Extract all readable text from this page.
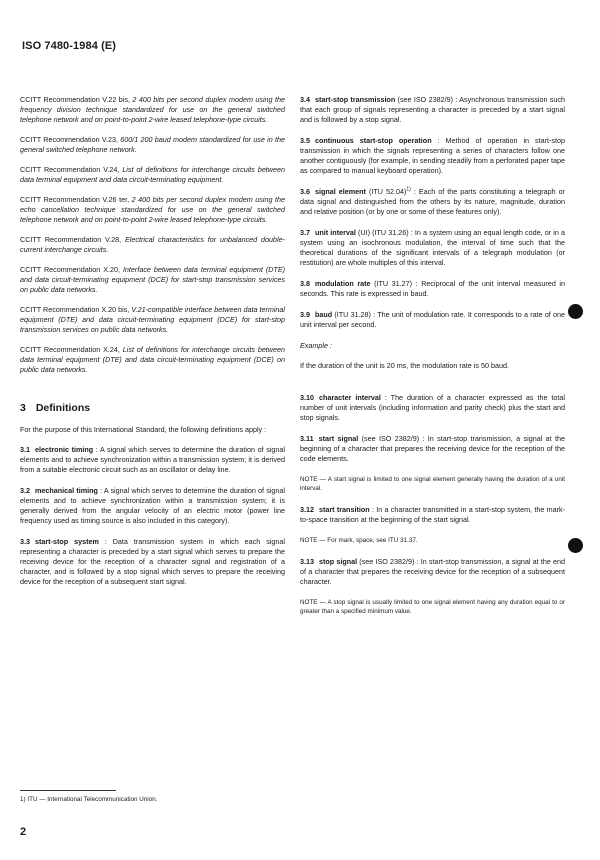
ISO 7480-1984 (E)

CCITT Recommendation V.22 bis, 2 400 bits per second duplex modem using the frequency division technique standardized for use on the general switched telephone network and on point-to-point 2-wire leased telephone-type circuits.

CCITT Recommendation V.23, 600/1 200 baud modem standardized for use in the general switched telephone network.

CCITT Recommendation V.24, List of definitions for interchange circuits between data terminal equipment and data circuit-terminating equipment.

CCITT Recommendation V.26 ter, 2 400 bits per second duplex modem using the echo cancellation technique standardized for use on the general switched telephone network and on point-to-point 2-wire leased telephone-type circuits.

CCITT Recommendation V.28, Electrical characteristics for unbalanced double-current interchange circuits.

CCITT Recommendation X.20, Interface between data terminal equipment (DTE) and data circuit-terminating equipment (DCE) for start-stop transmission services on public data networks.

CCITT Recommendation X.20 bis, V.21-compatible interface between data terminal equipment (DTE) and data circuit-terminating equipment (DCE) for start-stop transmission services on public data networks.

CCITT Recommendation X.24, List of definitions for interchange circuits between data terminal equipment (DTE) and data circuit-terminating equipment (DCE) on public data networks.

3 Definitions

For the purpose of this International Standard, the following definitions apply :

3.1 electronic timing : A signal which serves to determine the duration of signal elements and to achieve synchronization within a transmission system; it is derived from a suitable electronic circuit such as an oscillator or delay line.

3.2 mechanical timing : A signal which serves to determine the duration of signal elements and to achieve synchronization within a transmission system; it is generally derived from the angular velocity of an electric motor (power line frequency used as timing source is also included in this category).

3.3 start-stop system : Data transmission system in which each signal representing a character is preceded by a start signal which serves to prepare the receiving device for the reception of a character signal and registration of a character, and is followed by a stop signal which serves to prepare the receiving device for the reception of a subsequent start signal.

3.4 start-stop transmission (see ISO 2382/9) : Asynchronous transmission such that each group of signals representing a character is preceded by a start signal and is followed by a stop signal.

3.5 continuous start-stop operation : Method of operation in start-stop transmission in which the signals representing a series of characters follow one another contiguously (for example, in sending steadily from a perforated paper tape as compared to manual keyboard operation).

3.6 signal element (ITU 52.04)$^{1)}$ : Each of the parts constituting a telegraph or data signal and distinguished from the others by its nature, magnitude, duration and relative position (or by one or some of these features only).

3.7 unit interval (UI) (ITU 31.26) : In a system using an equal length code, or in a system using an isochronous modulation, the interval of time such that the theoretical durations of the significant intervals of a telegraph modulation (or restitution) are whole multiples of this interval.

3.8 modulation rate (ITU 31.27) : Reciprocal of the unit interval measured in seconds. This rate is expressed in baud.

3.9 baud (ITU 31.28) : The unit of modulation rate. It corresponds to a rate of one unit interval per second.

Example :

If the duration of the unit is 20 ms, the modulation rate is 50 baud.

3.10 character interval : The duration of a character expressed as the total number of unit intervals (including information and parity check) plus the start and stop signals.

3.11 start signal (see ISO 2382/9) : In start-stop transmission, a signal at the beginning of a character that prepares the receiving device for the reception of the code elements.

NOTE — A start signal is limited to one signal element generally having the duration of a unit interval.

3.12 start transition : In a character transmitted in a start-stop system, the mark-to-space transition at the beginning of the start signal.

NOTE — For mark, space, see ITU 31.37.

3.13 stop signal (see ISO 2382/9) : In start-stop transmission, a signal at the end of a character that prepares the receiving device for the reception of a subsequent character.

NOTE — A stop signal is usually limited to one signal element having any duration equal to or greater than a specified minimum value.

1) ITU — International Telecommunication Union.
2
